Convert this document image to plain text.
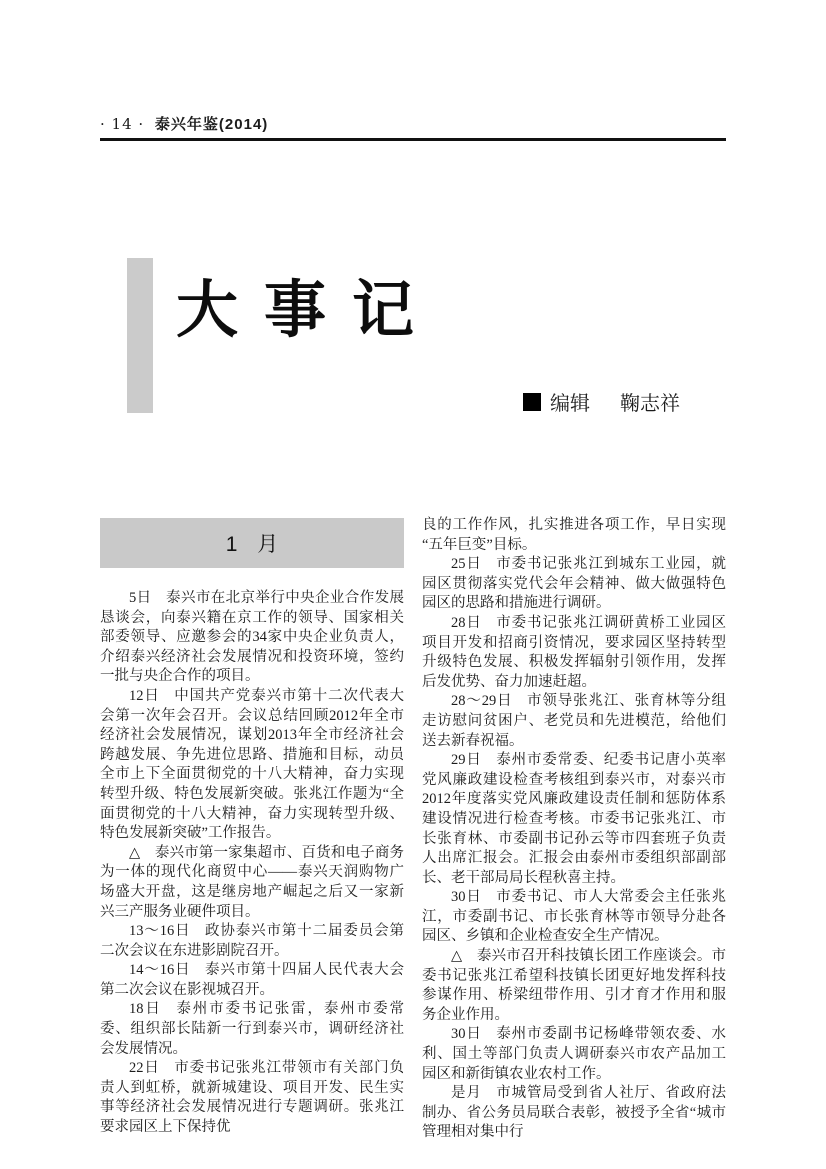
· 14 · 泰兴年鉴(2014)
大事记
编辑 鞠志祥
1 月

5日 泰兴市在北京举行中央企业合作发展恳谈会，向泰兴籍在京工作的领导、国家相关部委领导、应邀参会的34家中央企业负责人，介绍泰兴经济社会发展情况和投资环境，签约一批与央企合作的项目。

12日 中国共产党泰兴市第十二次代表大会第一次年会召开。会议总结回顾2012年全市经济社会发展情况，谋划2013年全市经济社会跨越发展、争先进位思路、措施和目标，动员全市上下全面贯彻党的十八大精神，奋力实现转型升级、特色发展新突破。张兆江作题为“全面贯彻党的十八大精神，奋力实现转型升级、特色发展新突破”工作报告。

△ 泰兴市第一家集超市、百货和电子商务为一体的现代化商贸中心——泰兴天润购物广场盛大开盘，这是继房地产崛起之后又一家新兴三产服务业硬件项目。

13～16日 政协泰兴市第十二届委员会第二次会议在东进影剧院召开。

14～16日 泰兴市第十四届人民代表大会第二次会议在影视城召开。

18日 泰州市委书记张雷，泰州市委常委、组织部长陆新一行到泰兴市，调研经济社会发展情况。

22日 市委书记张兆江带领市有关部门负责人到虹桥，就新城建设、项目开发、民生实事等经济社会发展情况进行专题调研。张兆江要求园区上下保持优

良的工作作风，扎实推进各项工作，早日实现“五年巨变”目标。

25日 市委书记张兆江到城东工业园，就园区贯彻落实党代会年会精神、做大做强特色园区的思路和措施进行调研。

28日 市委书记张兆江调研黄桥工业园区项目开发和招商引资情况，要求园区坚持转型升级特色发展、积极发挥辐射引领作用，发挥后发优势、奋力加速赶超。

28～29日 市领导张兆江、张育林等分组走访慰问贫困户、老党员和先进模范，给他们送去新春祝福。

29日 泰州市委常委、纪委书记唐小英率党风廉政建设检查考核组到泰兴市，对泰兴市2012年度落实党风廉政建设责任制和惩防体系建设情况进行检查考核。市委书记张兆江、市长张育林、市委副书记孙云等市四套班子负责人出席汇报会。汇报会由泰州市委组织部副部长、老干部局局长程秋喜主持。

30日 市委书记、市人大常委会主任张兆江，市委副书记、市长张育林等市领导分赴各园区、乡镇和企业检查安全生产情况。

△ 泰兴市召开科技镇长团工作座谈会。市委书记张兆江希望科技镇长团更好地发挥科技参谋作用、桥梁纽带作用、引才育才作用和服务企业作用。

30日 泰州市委副书记杨峰带领农委、水利、国土等部门负责人调研泰兴市农产品加工园区和新街镇农业农村工作。

是月 市城管局受到省人社厅、省政府法制办、省公务员局联合表彰，被授予全省“城市管理相对集中行
